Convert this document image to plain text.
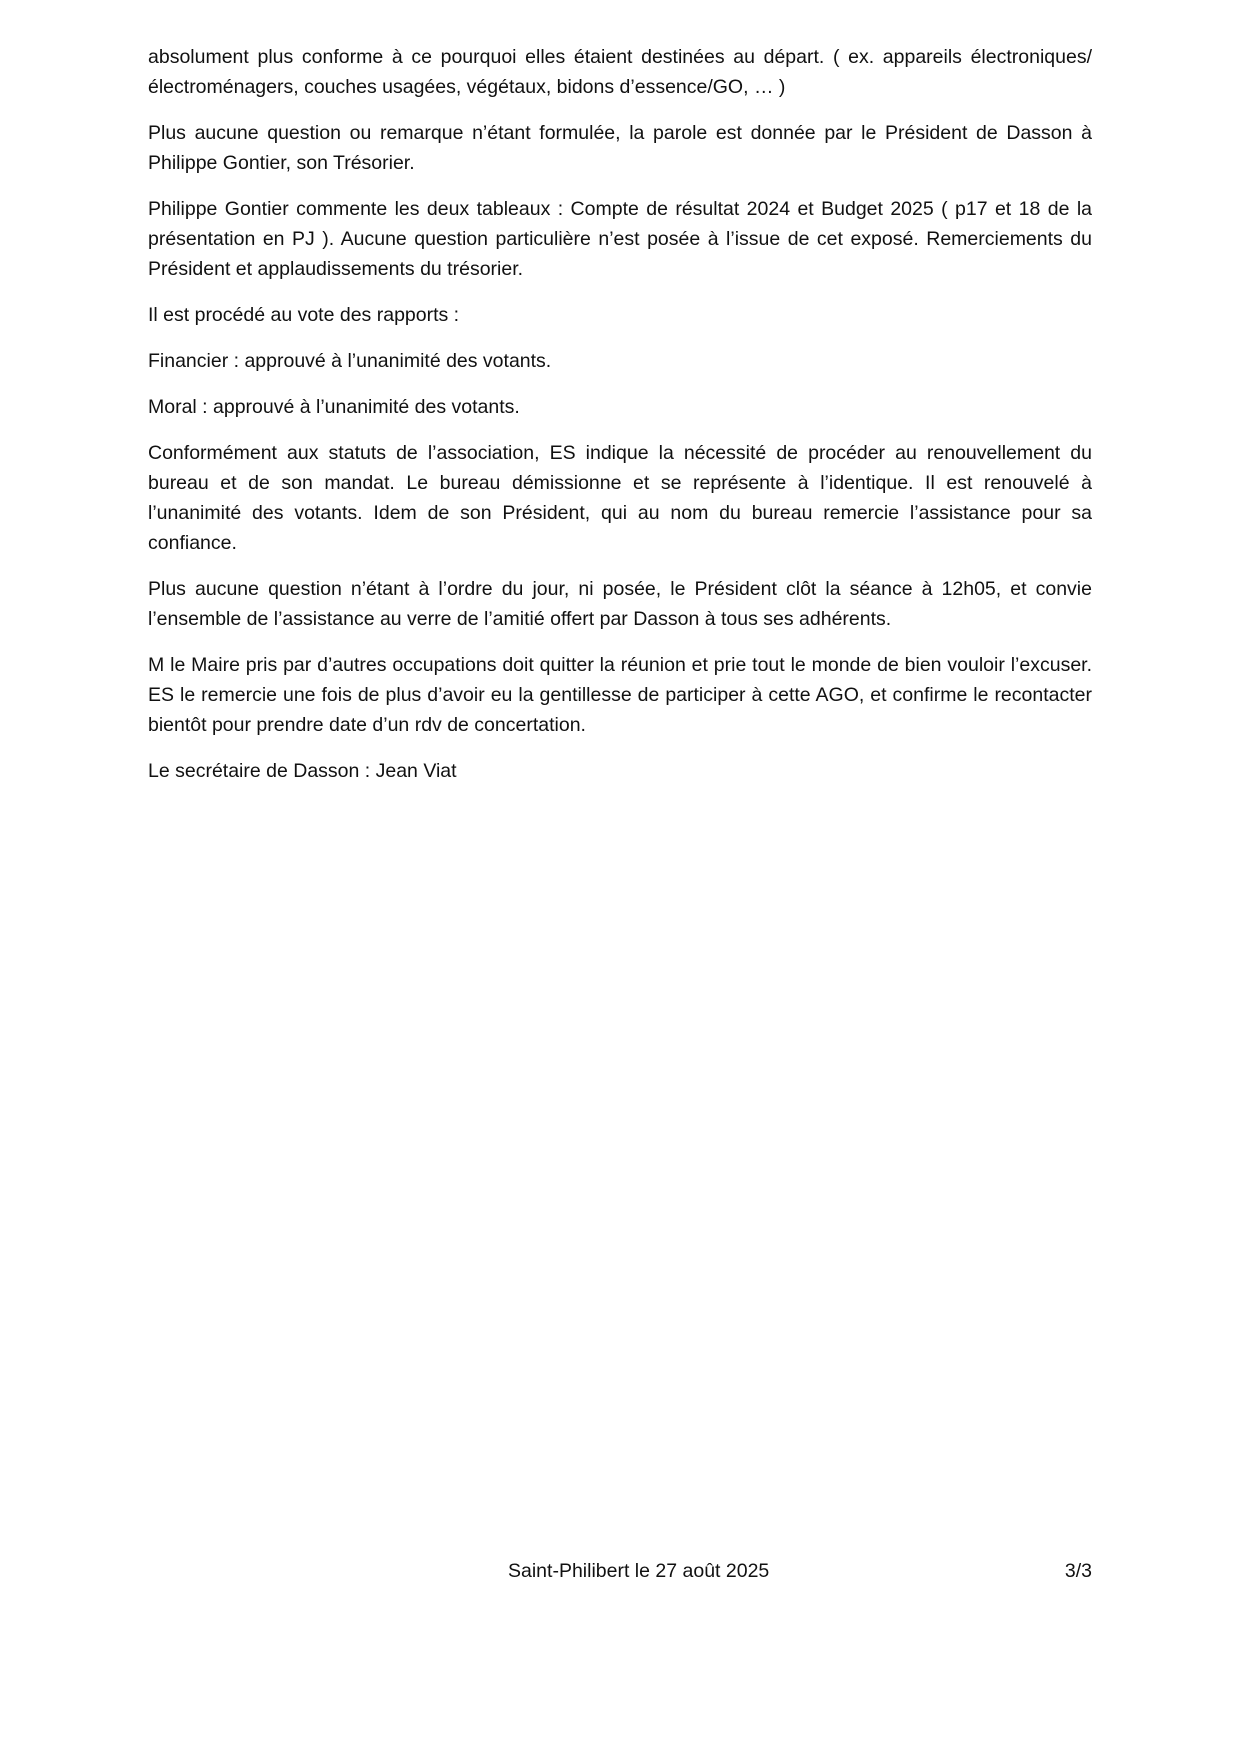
absolument plus conforme à ce pourquoi elles étaient destinées au départ. ( ex. appareils électroniques/électroménagers, couches usagées, végétaux, bidons d’essence/GO, … )

Plus aucune question ou remarque n’étant formulée, la parole est donnée par le Président de Dasson à Philippe Gontier, son Trésorier.

Philippe Gontier commente les deux tableaux : Compte de résultat 2024 et Budget 2025 ( p17 et 18 de la présentation en PJ ). Aucune question particulière n’est posée à l’issue de cet exposé. Remerciements du Président et applaudissements du trésorier.

Il est procédé au vote des rapports :

Financier : approuvé à l’unanimité des votants.

Moral : approuvé à l’unanimité des votants.

Conformément aux statuts de l’association, ES indique la nécessité de procéder au renouvellement du bureau et de son mandat. Le bureau démissionne et se représente à l’identique. Il est renouvelé à l’unanimité des votants. Idem de son Président, qui au nom du bureau remercie l’assistance pour sa confiance.

Plus aucune question n’étant à l’ordre du jour, ni posée, le Président clôt la séance à 12h05, et convie l’ensemble de l’assistance au verre de l’amitié offert par Dasson à tous ses adhérents.

M le Maire pris par d’autres occupations doit quitter la réunion et prie tout le monde de bien vouloir l’excuser. ES le remercie une fois de plus d’avoir eu la gentillesse de participer à cette AGO, et confirme le recontacter bientôt pour prendre date d’un rdv de concertation.

Le secrétaire de Dasson : Jean Viat

Saint-Philibert le 27 août 2025	3/3
